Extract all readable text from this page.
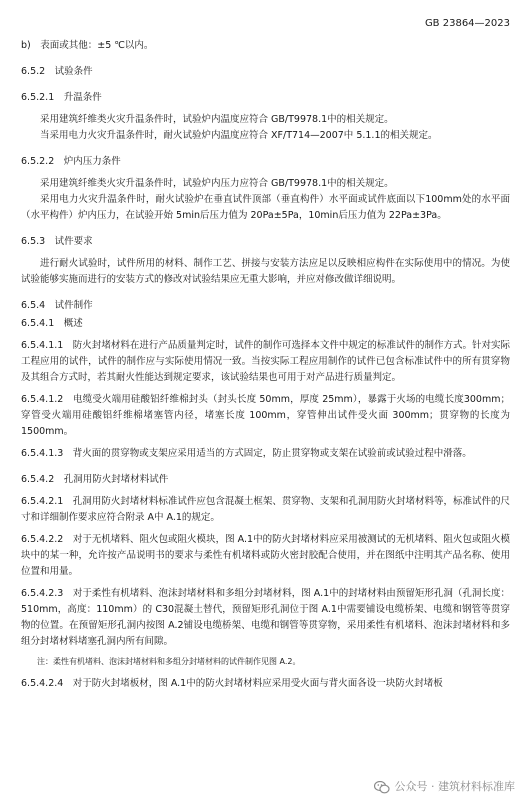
GB 23864—2023

b)　表面或其他：±5 ℃以内。

6.5.2　试验条件

6.5.2.1　升温条件

采用建筑纤维类火灾升温条件时，试验炉内温度应符合 GB/T9978.1中的相关规定。

当采用电力火灾升温条件时，耐火试验炉内温度应符合 XF/T714—2007中 5.1.1的相关规定。

6.5.2.2　炉内压力条件

采用建筑纤维类火灾升温条件时，试验炉内压力应符合 GB/T9978.1中的相关规定。

采用电力火灾升温条件时，耐火试验炉在垂直试件顶部（垂直构件）水平面或试件底面以下100mm处的水平面（水平构件）炉内压力，在试验开始 5min后压力值为 20Pa±5Pa，10min后压力值为 22Pa±3Pa。

6.5.3　试件要求

进行耐火试验时，试件所用的材料、制作工艺、拼接与安装方法应足以反映相应构件在实际使用中的情况。为使试验能够实施而进行的安装方式的修改对试验结果应无重大影响，并应对修改做详细说明。

6.5.4　试件制作

6.5.4.1　概述

6.5.4.1.1　防火封堵材料在进行产品质量判定时，试件的制作可选择本文件中规定的标准试件的制作方式。针对实际工程应用的试件，试件的制作应与实际使用情况一致。当按实际工程应用制作的试件已包含标准试件中的所有贯穿物及其组合方式时，若其耐火性能达到规定要求，该试验结果也可用于对产品进行质量判定。

6.5.4.1.2　电缆受火端用硅酸铝纤维棉封头（封头长度 50mm，厚度 25mm），暴露于火场的电缆长度300mm；穿管受火端用硅酸铝纤维棉堵塞管内径，堵塞长度 100mm，穿管伸出试件受火面 300mm；贯穿物的长度为 1500mm。

6.5.4.1.3　背火面的贯穿物或支架应采用适当的方式固定，防止贯穿物或支架在试验前或试验过程中滑落。

6.5.4.2　孔洞用防火封堵材料试件

6.5.4.2.1　孔洞用防火封堵材料标准试件应包含混凝土框架、贯穿物、支架和孔洞用防火封堵材料等，标准试件的尺寸和详细制作要求应符合附录 A中 A.1的规定。

6.5.4.2.2　对于无机堵料、阻火包或阻火模块，图 A.1中的防火封堵材料应采用被测试的无机堵料、阻火包或阻火模块中的某一种，允许按产品说明书的要求与柔性有机堵料或防火密封胶配合使用，并在图纸中注明其产品名称、使用位置和用量。

6.5.4.2.3　对于柔性有机堵料、泡沫封堵材料和多组分封堵材料，图 A.1中的封堵材料由预留矩形孔洞（孔洞长度：510mm，高度：110mm）的 C30混凝土替代，预留矩形孔洞位于图 A.1中需要铺设电缆桥架、电缆和钢管等贯穿物的位置。在预留矩形孔洞内按图 A.2铺设电缆桥架、电缆和钢管等贯穿物，采用柔性有机堵料、泡沫封堵材料和多组分封堵材料堵塞孔洞内所有间隙。

注：柔性有机堵料、泡沫封堵材料和多组分封堵材料的试件制作见图 A.2。

6.5.4.2.4　对于防火封堵板材，图 A.1中的防火封堵材料应采用受火面与背火面各设一块防火封堵板

公众号 · 建筑材料标准库
